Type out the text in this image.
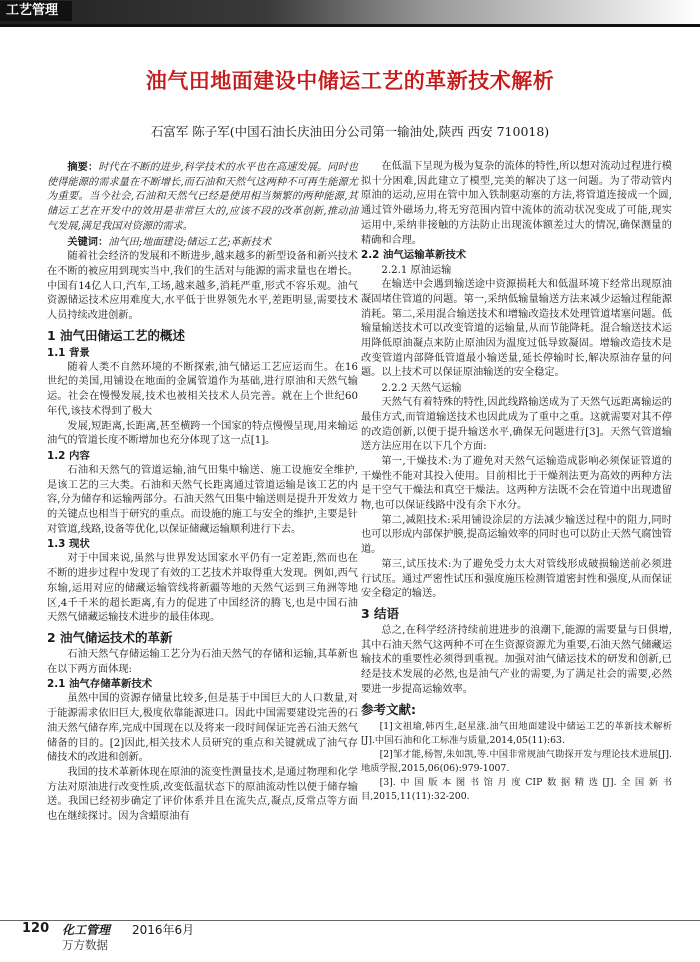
工艺管理
油气田地面建设中储运工艺的革新技术解析
石富军 陈子军(中国石油长庆油田分公司第一输油处,陕西 西安 710018)

摘要：时代在不断的进步,科学技术的水平也在高速发展。同时也使得能源的需求量在不断增长,而石油和天然气这两种不可再生能源尤为重要。当今社会,石油和天然气已经是使用相当频繁的两种能源,其储运工艺在开发中的效用是非常巨大的,应该不段的改革创新,推动油气发展,满足我国对资源的需求。

关键词：油气田;地面建设;储运工艺;革新技术

随着社会经济的发展和不断进步,越来越多的新型设备和新兴技术在不断的被应用到现实当中,我们的生活对与能源的需求量也在增长。中国有14亿人口,汽车,工场,越来越多,消耗严重,形式不容乐观。油气资源储运技术应用难度大,水平低于世界领先水平,差距明显,需要技术人员持续改进创新。

1 油气田储运工艺的概述
1.1 背景

随着人类不自然环境的不断探索,油气储运工艺应运而生。在16世纪的美国,用铺设在地面的金属管道作为基础,进行原油和天然气输运。社会在慢慢发展,技术也被相关技术人员完善。就在上个世纪60年代,该技术得到了极大

发展,短距离,长距离,甚至横跨一个国家的特点慢慢呈现,用来输运油气的管道长度不断增加也充分体现了这一点[1]。

1.2 内容

石油和天然气的管道运输,油气田集中输送、施工设施安全维护,是该工艺的三大类。石油和天然气长距离通过管道运输是该工艺的内容,分为储存和运输两部分。石油天然气田集中输送则是提升开发效力的关键点也相当于研究的重点。而设施的施工与安全的维护,主要是针对管道,线路,设备等优化,以保证储藏运输顺利进行下去。

1.3 现状

对于中国来说,虽然与世界发达国家水平仍有一定差距,然而也在不断的进步过程中发现了有效的工艺技术并取得重大发现。例如,西气东输,运用对应的储藏运输管线将新疆等地的天然气运到三角洲等地区,4千千米的超长距离,有力的促进了中国经济的腾飞,也是中国石油天然气储藏运输技术进步的最佳体现。

2 油气储运技术的革新

石油天然气存储运输工艺分为石油天然气的存储和运输,其革新也在以下两方面体现:

2.1 油气存储革新技术

虽然中国的资源存储量比较多,但是基于中国巨大的人口数量,对于能源需求依旧巨大,极度依靠能源进口。因此中国需要建设完善的石油天然气储存库,完成中国现在以及将来一段时间保证完善石油天然气储备的目的。[2]因此,相关技术人员研究的重点和关键就成了油气存储技术的改进和创新。

我国的技术革新体现在原油的流变性测量技术,是通过物理和化学方法对原油进行改变性质,改变低温状态下的原油流动性以便于储存输送。我国已经初步确定了评价体系并且在流失点,凝点,反常点等方面也在继续探讨。因为含蜡原油有

在低温下呈现为极为复杂的流体的特性,所以想对流动过程进行模拟十分困难,因此建立了模型,完美的解决了这一问题。为了带动管内原油的运动,应用在管中加入铁制驱动塞的方法,将管道连接成一个圆,通过管外磁场力,将无穷范围内管中流体的流动状况变成了可能,现实运用中,采纳非接触的方法防止出现流体额差过大的情况,确保测量的精确和合理。

2.2 油气运输革新技术
2.2.1 原油运输

在输送中会遇到输送途中资源损耗大和低温环境下经常出现原油凝固堵住管道的问题。第一,采纳低输量输送方法来减少运输过程能源消耗。第二,采用混合输送技术和增输改造技术处理管道堵塞问题。低输量输送技术可以改变管道的运输量,从而节能降耗。混合输送技术运用降低原油凝点来防止原油因为温度过低导致凝固。增输改造技术是改变管道内部降低管道最小输送量,延长停输时长,解决原油存量的问题。以上技术可以保证原油输送的安全稳定。

2.2.2 天然气运输

天然气有着特殊的特性,因此线路输送成为了天然气远距离输运的最佳方式,而管道输送技术也因此成为了重中之重。这就需要对其不停的改造创新,以便于提升输送水平,确保无问题进行[3]。天然气管道输送方法应用在以下几个方面:

第一,干燥技术:为了避免对天然气运输造成影响必须保证管道的干燥性不能对其投入使用。目前相比于干燥剂法更为高效的两种方法是干空气干燥法和真空干燥法。这两种方法既不会在管道中出现遗留物,也可以保证线路中没有余下水分。

第二,减阻技术:采用铺设涂层的方法减少输送过程中的阻力,同时也可以形成内部保护膜,提高运输效率的同时也可以防止天然气腐蚀管道。

第三,试压技术:为了避免受力太大对管线形成破损输送前必须进行试压。通过严密性试压和强度施压检测管道密封性和强度,从而保证安全稳定的输送。

3 结语

总之,在科学经济持续前进进步的浪潮下,能源的需要量与日俱增,其中石油天然气这两种不可在生资源资源尤为重要,石油天然气储藏运输技术的重要性必须得到重视。加强对油气储运技术的研发和创新,已经是技术发展的必然,也是油气产业的需要,为了满足社会的需要,必然要进一步提高运输效率。

参考文献:

[1]文祖瑜,韩丙生,赵星涨.油气田地面建设中储运工艺的革新技术解析[J].中国石油和化工标准与质量,2014,05(11):63.

[2]邹才能,杨智,朱如凯,等.中国非常规油气勘探开发与理论技术进展[J].地质学报,2015,06(06):979-1007.

[3].中国版本图书馆月度CIP数据精选[J].全国新书目,2015,11(11):32-200.

120 化工管理 2016年6月
万方数据
